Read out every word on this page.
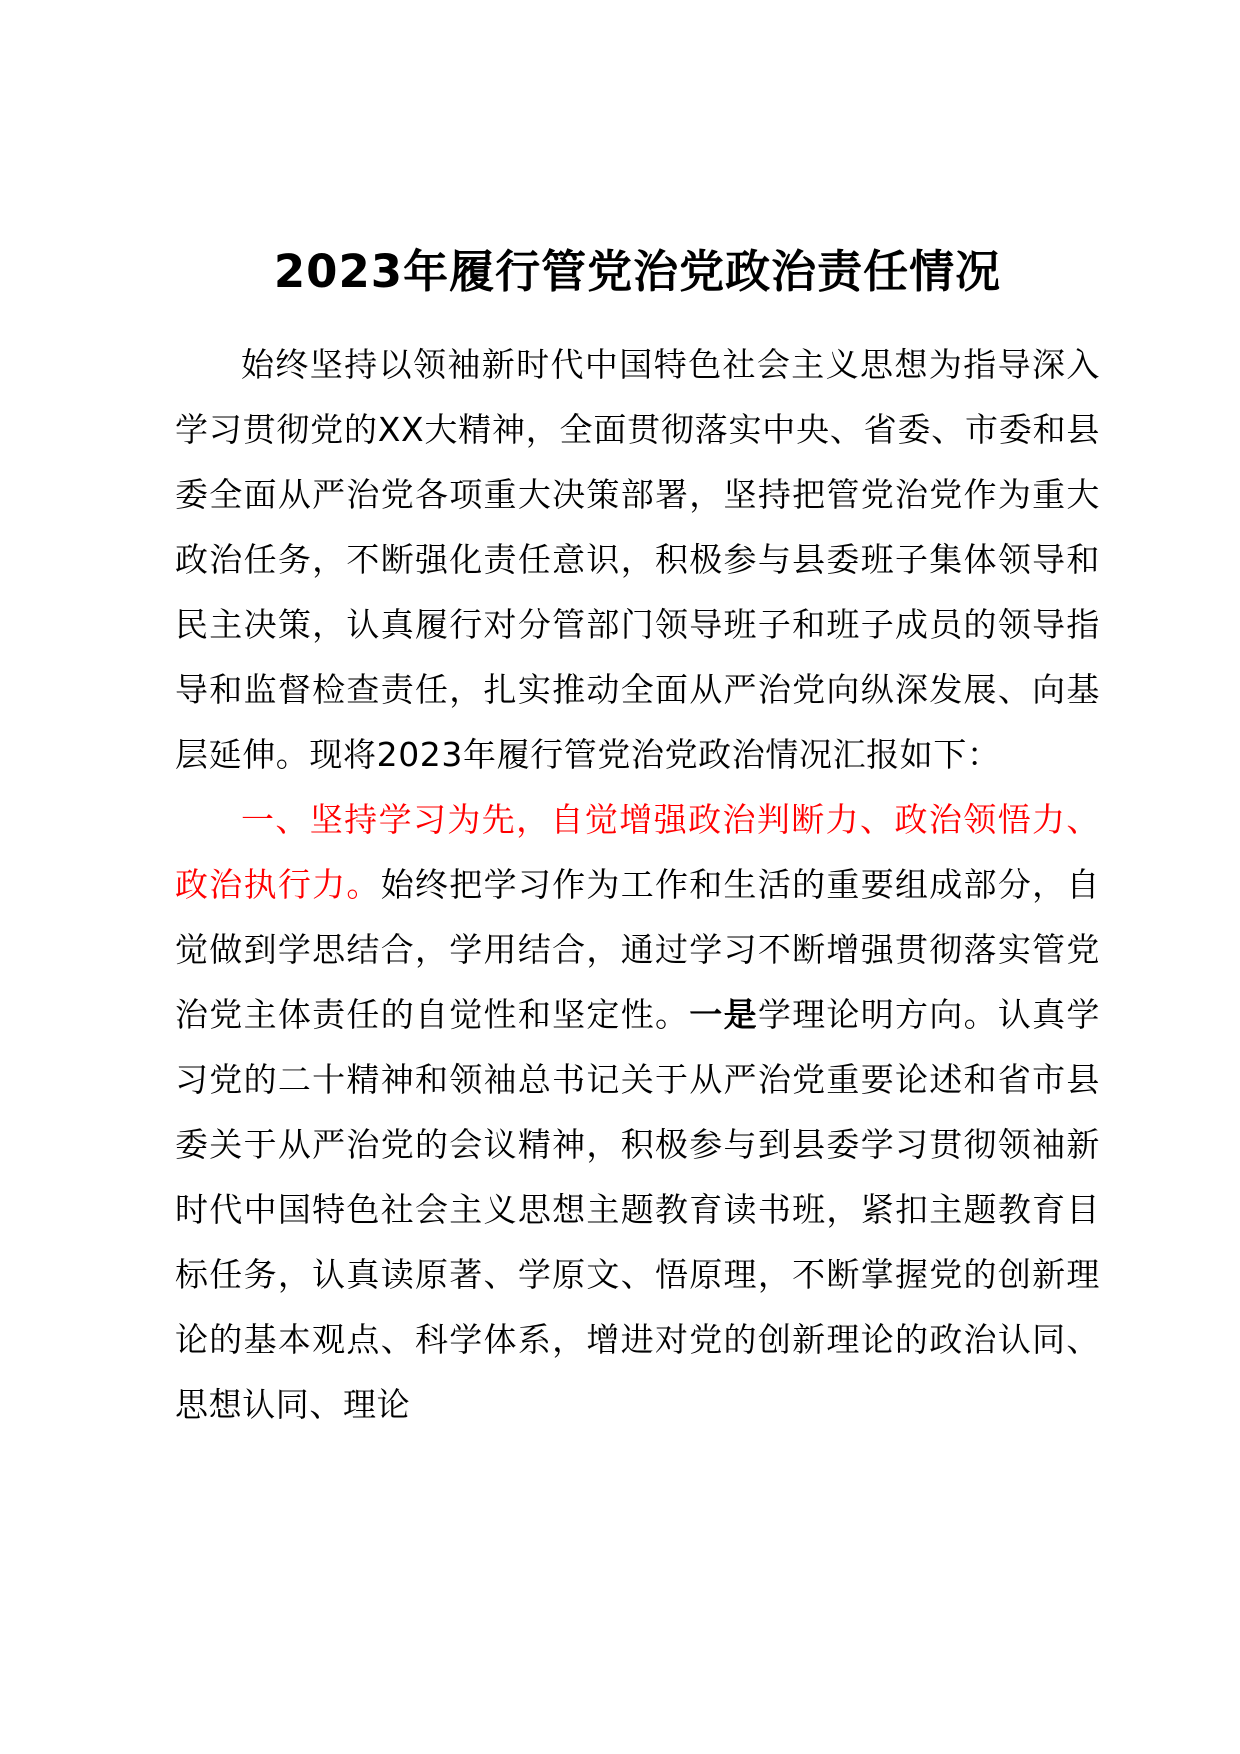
2023年履行管党治党政治责任情况

始终坚持以领袖新时代中国特色社会主义思想为指导深入学习贯彻党的XX大精神，全面贯彻落实中央、省委、市委和县委全面从严治党各项重大决策部署，坚持把管党治党作为重大政治任务，不断强化责任意识，积极参与县委班子集体领导和民主决策，认真履行对分管部门领导班子和班子成员的领导指导和监督检查责任，扎实推动全面从严治党向纵深发展、向基层延伸。现将2023年履行管党治党政治情况汇报如下：

一、坚持学习为先，自觉增强政治判断力、政治领悟力、政治执行力。始终把学习作为工作和生活的重要组成部分，自觉做到学思结合，学用结合，通过学习不断增强贯彻落实管党治党主体责任的自觉性和坚定性。一是学理论明方向。认真学习党的二十精神和领袖总书记关于从严治党重要论述和省市县委关于从严治党的会议精神，积极参与到县委学习贯彻领袖新时代中国特色社会主义思想主题教育读书班，紧扣主题教育目标任务，认真读原著、学原文、悟原理，不断掌握党的创新理论的基本观点、科学体系，增进对党的创新理论的政治认同、思想认同、理论
